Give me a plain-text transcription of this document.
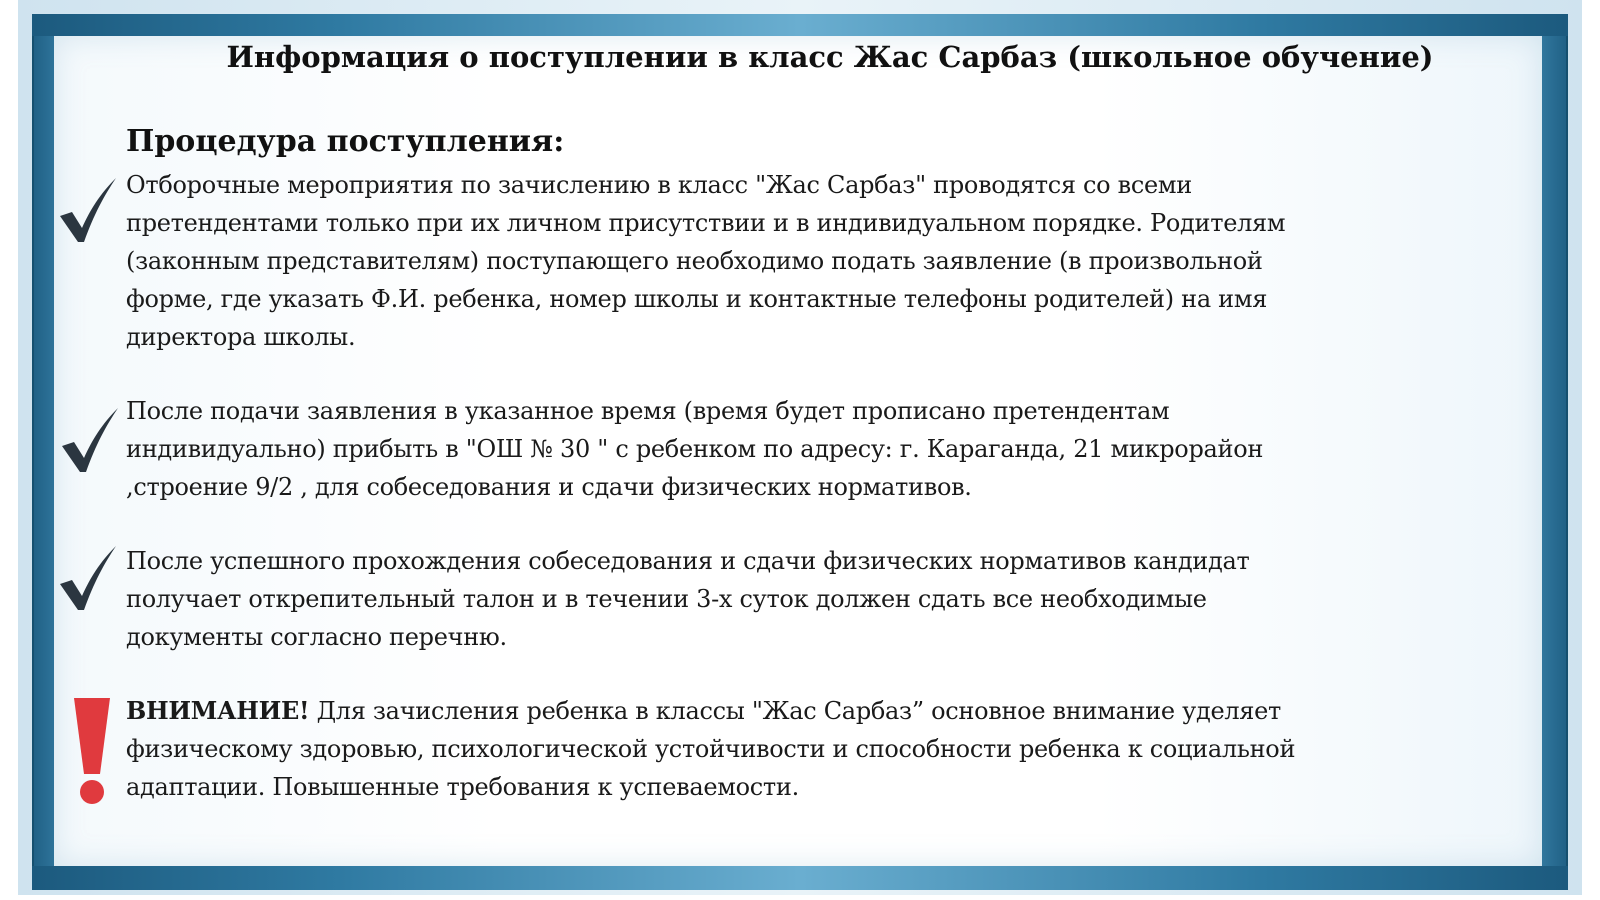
Информация о поступлении в класс Жас Сарбаз (школьное обучение)
Процедура поступления:
Отборочные мероприятия по зачислению в класс "Жас Сарбаз" проводятся со всеми
претендентами только при их личном присутствии и в индивидуальном порядке. Родителям
(законным представителям) поступающего необходимо подать заявление (в произвольной
форме, где указать Ф.И. ребенка, номер школы и контактные телефоны родителей) на имя
директора школы.
После подачи заявления в указанное время (время будет прописано претендентам
индивидуально) прибыть в "ОШ № 30 " с ребенком по адресу: г. Караганда, 21 микрорайон
,строение 9/2 , для собеседования и сдачи физических нормативов.
После успешного прохождения собеседования и сдачи физических нормативов кандидат
получает открепительный талон и в течении 3-х суток должен сдать все необходимые
документы согласно перечню.
ВНИМАНИЕ! Для зачисления ребенка в классы "Жас Сарбаз” основное внимание уделяет
физическому здоровью, психологической устойчивости и способности ребенка к социальной
адаптации. Повышенные требования к успеваемости.
